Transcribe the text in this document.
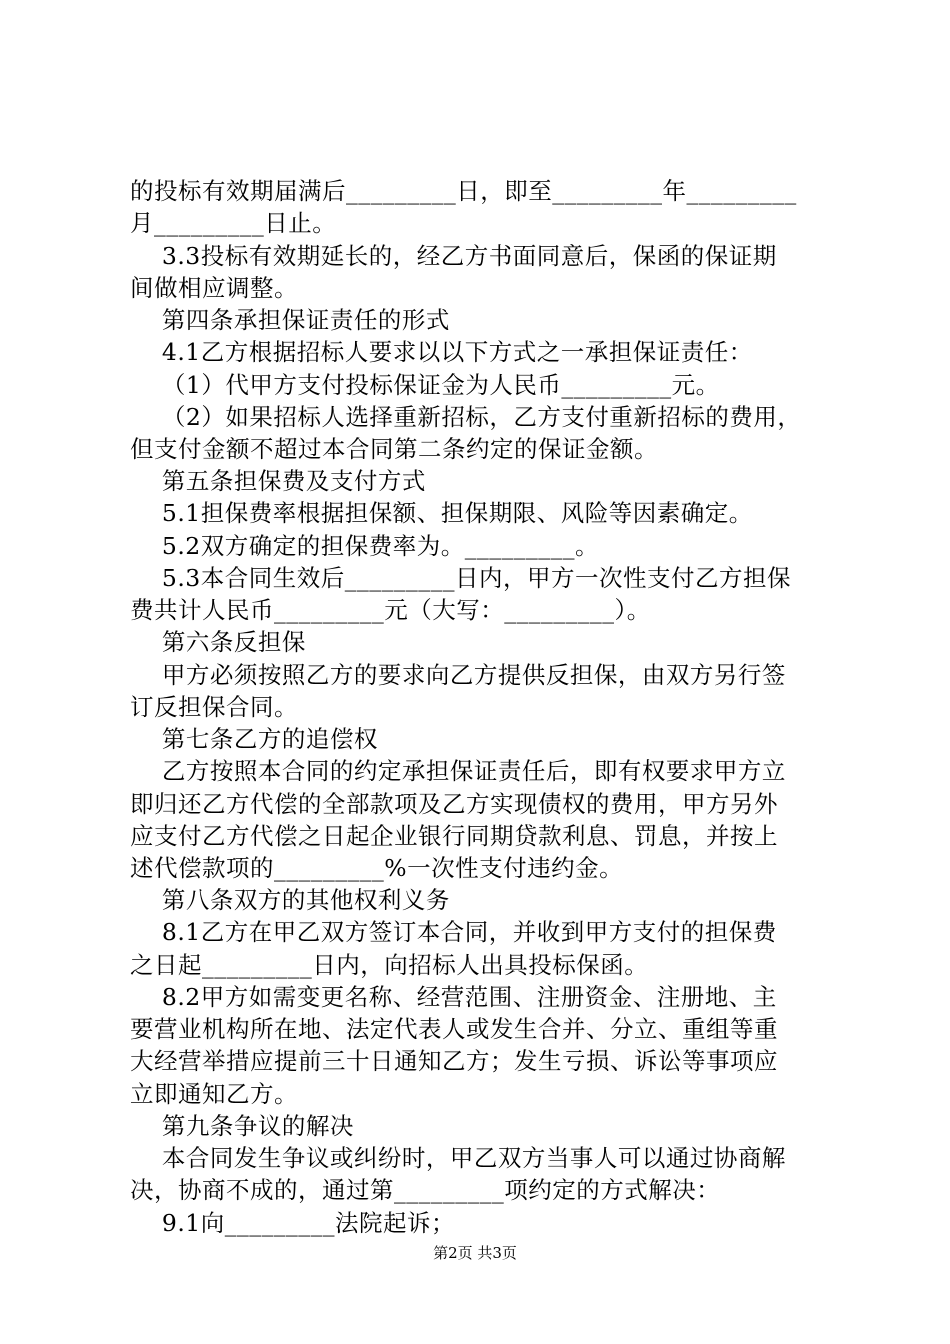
的投标有效期届满后_________日，即至_________年_________
月_________日止。
3.3投标有效期延长的，经乙方书面同意后，保函的保证期
间做相应调整。
第四条承担保证责任的形式
4.1乙方根据招标人要求以以下方式之一承担保证责任：
（1）代甲方支付投标保证金为人民币_________元。
（2）如果招标人选择重新招标，乙方支付重新招标的费用，
但支付金额不超过本合同第二条约定的保证金额。
第五条担保费及支付方式
5.1担保费率根据担保额、担保期限、风险等因素确定。
5.2双方确定的担保费率为。_________。
5.3本合同生效后_________日内，甲方一次性支付乙方担保
费共计人民币_________元（大写：_________）。
第六条反担保
甲方必须按照乙方的要求向乙方提供反担保，由双方另行签
订反担保合同。
第七条乙方的追偿权
乙方按照本合同的约定承担保证责任后，即有权要求甲方立
即归还乙方代偿的全部款项及乙方实现债权的费用，甲方另外
应支付乙方代偿之日起企业银行同期贷款利息、罚息，并按上
述代偿款项的_________%一次性支付违约金。
第八条双方的其他权利义务
8.1乙方在甲乙双方签订本合同，并收到甲方支付的担保费
之日起_________日内，向招标人出具投标保函。
8.2甲方如需变更名称、经营范围、注册资金、注册地、主
要营业机构所在地、法定代表人或发生合并、分立、重组等重
大经营举措应提前三十日通知乙方；发生亏损、诉讼等事项应
立即通知乙方。
第九条争议的解决
本合同发生争议或纠纷时，甲乙双方当事人可以通过协商解
决，协商不成的，通过第_________项约定的方式解决：
9.1向_________法院起诉；
第2页 共3页
